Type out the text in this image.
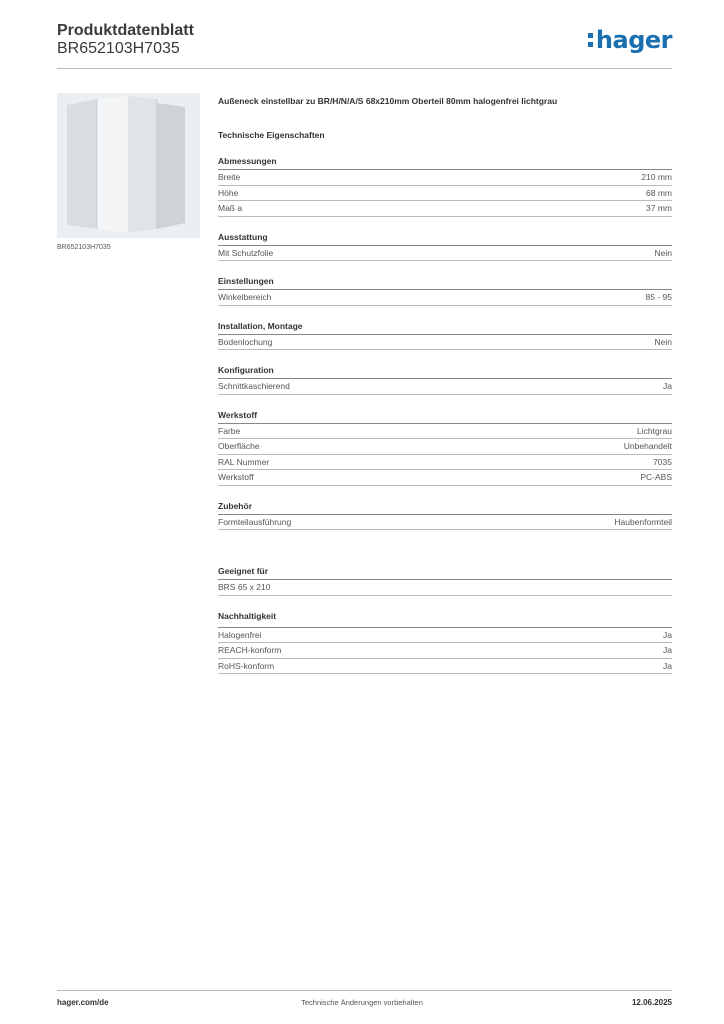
Produktdatenblatt
BR652103H7035	hager
BR652103H7035
Außeneck einstellbar zu BR/H/N/A/S 68x210mm Oberteil 80mm halogenfrei lichtgrau
Technische Eigenschaften
Abmessungen
Breite	210 mm
Höhe	68 mm
Maß a	37 mm
Ausstattung
Mit Schutzfolie	Nein
Einstellungen
Winkelbereich	85 - 95
Installation, Montage
Bodenlochung	Nein
Konfiguration
Schnittkaschierend	Ja
Werkstoff
Farbe	Lichtgrau
Oberfläche	Unbehandelt
RAL Nummer	7035
Werkstoff	PC-ABS
Zubehör
Formteilausführung	Haubenformteil
Geeignet für
BRS 65 x 210
Nachhaltigkeit
Halogenfrei	Ja
REACH-konform	Ja
RoHS-konform	Ja
hager.com/de	Technische Änderungen vorbehalten	12.06.2025
